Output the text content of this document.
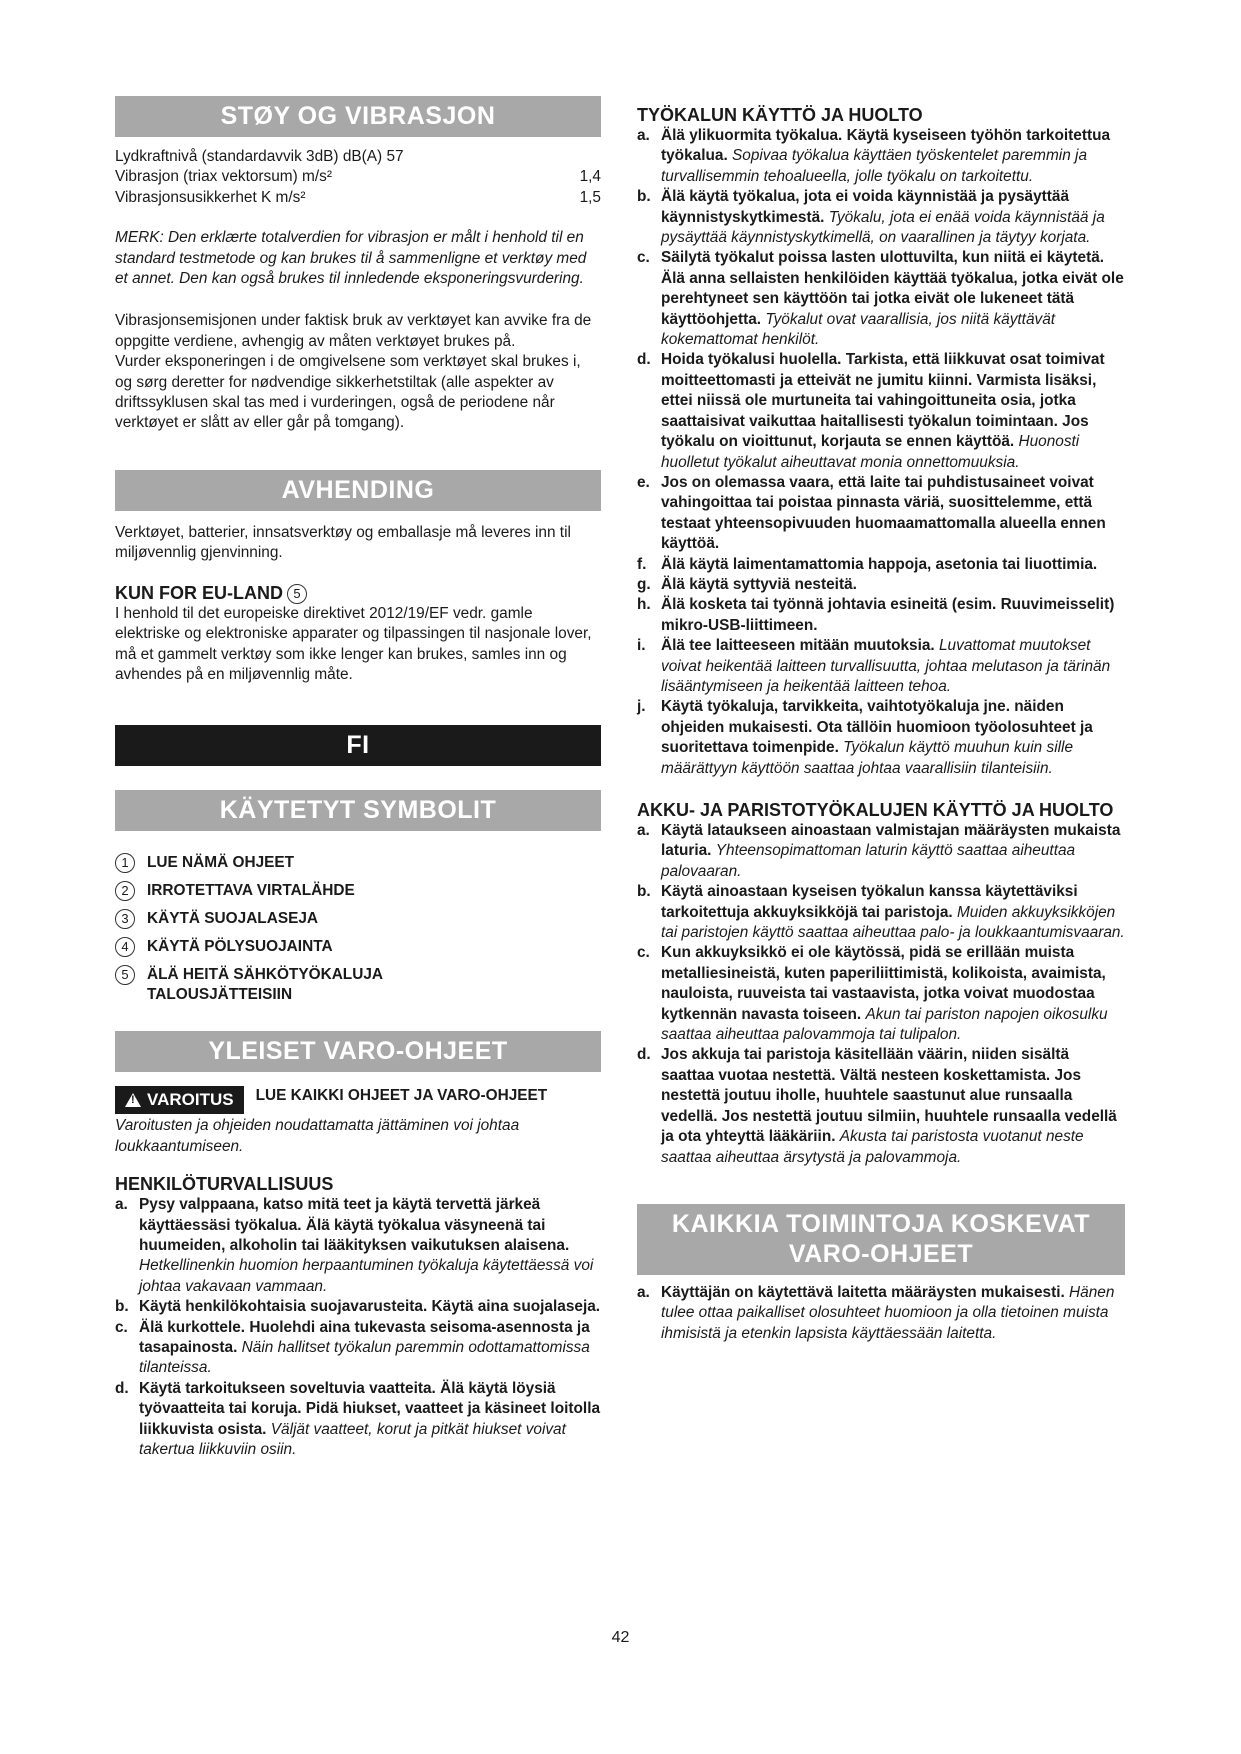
STØY OG VIBRASJON
Lydkraftnivå (standardavvik 3dB) dB(A) 57
Vibrasjon (triax vektorsum) m/s²	1,4
Vibrasjonsusikkerhet K m/s²	1,5

MERK: Den erklærte totalverdien for vibrasjon er målt i henhold til en standard testmetode og kan brukes til å sammenligne et verktøy med et annet. Den kan også brukes til innledende eksponeringsvurdering.

Vibrasjonsemisjonen under faktisk bruk av verktøyet kan avvike fra de oppgitte verdiene, avhengig av måten verktøyet brukes på.

Vurder eksponeringen i de omgivelsene som verktøyet skal brukes i, og sørg deretter for nødvendige sikkerhetstiltak (alle aspekter av driftssyklusen skal tas med i vurderingen, også de periodene når verktøyet er slått av eller går på tomgang).

AVHENDING

Verktøyet, batterier, innsatsverktøy og emballasje må leveres inn til miljøvennlig gjenvinning.

KUN FOR EU-LAND 5

I henhold til det europeiske direktivet 2012/19/EF vedr. gamle elektriske og elektroniske apparater og tilpassingen til nasjonale lover, må et gammelt verktøy som ikke lenger kan brukes, samles inn og avhendes på en miljøvennlig måte.

FI
KÄYTETYT SYMBOLIT
1	LUE NÄMÄ OHJEET
2	IRROTETTAVA VIRTALÄHDE
3	KÄYTÄ SUOJALASEJA
4	KÄYTÄ PÖLYSUOJAINTA
5	ÄLÄ HEITÄ SÄHKÖTYÖKALUJA TALOUSJÄTTEISIIN
YLEISET VARO-OHJEET
!
VAROITUS LUE KAIKKI OHJEET JA VARO-OHJEET

Varoitusten ja ohjeiden noudattamatta jättäminen voi johtaa loukkaantumiseen.

HENKILÖTURVALLISUUS
a. Pysy valppaana, katso mitä teet ja käytä tervettä järkeä käyttäessäsi työkalua. Älä käytä työkalua väsyneenä tai huumeiden, alkoholin tai lääkityksen vaikutuksen alaisena. Hetkellinenkin huomion herpaantuminen työkaluja käytettäessä voi johtaa vakavaan vammaan.
b. Käytä henkilökohtaisia suojavarusteita. Käytä aina suojalaseja.
c. Älä kurkottele. Huolehdi aina tukevasta seisoma-asennosta ja tasapainosta. Näin hallitset työkalun paremmin odottamattomissa tilanteissa.
d. Käytä tarkoitukseen soveltuvia vaatteita. Älä käytä löysiä työvaatteita tai koruja. Pidä hiukset, vaatteet ja käsineet loitolla liikkuvista osista. Väljät vaatteet, korut ja pitkät hiukset voivat takertua liikkuviin osiin.
TYÖKALUN KÄYTTÖ JA HUOLTO
a. Älä ylikuormita työkalua. Käytä kyseiseen työhön tarkoitettua työkalua. Sopivaa työkalua käyttäen työskentelet paremmin ja turvallisemmin tehoalueella, jolle työkalu on tarkoitettu.
b. Älä käytä työkalua, jota ei voida käynnistää ja pysäyttää käynnistyskytkimestä. Työkalu, jota ei enää voida käynnistää ja pysäyttää käynnistyskytkimellä, on vaarallinen ja täytyy korjata.
c. Säilytä työkalut poissa lasten ulottuvilta, kun niitä ei käytetä. Älä anna sellaisten henkilöiden käyttää työkalua, jotka eivät ole perehtyneet sen käyttöön tai jotka eivät ole lukeneet tätä käyttöohjetta. Työkalut ovat vaarallisia, jos niitä käyttävät kokemattomat henkilöt.
d. Hoida työkalusi huolella. Tarkista, että liikkuvat osat toimivat moitteettomasti ja etteivät ne jumitu kiinni. Varmista lisäksi, ettei niissä ole murtuneita tai vahingoittuneita osia, jotka saattaisivat vaikuttaa haitallisesti työkalun toimintaan. Jos työkalu on vioittunut, korjauta se ennen käyttöä. Huonosti huolletut työkalut aiheuttavat monia onnettomuuksia.
e. Jos on olemassa vaara, että laite tai puhdistusaineet voivat vahingoittaa tai poistaa pinnasta väriä, suosittelemme, että testaat yhteensopivuuden huomaamattomalla alueella ennen käyttöä.
f. Älä käytä laimentamattomia happoja, asetonia tai liuottimia.
g. Älä käytä syttyviä nesteitä.
h. Älä kosketa tai työnnä johtavia esineitä (esim. Ruuvimeisselit) mikro-USB-liittimeen.
i.	Älä tee laitteeseen mitään muutoksia. Luvattomat muutokset voivat heikentää laitteen turvallisuutta, johtaa melutason ja tärinän lisääntymiseen ja heikentää laitteen tehoa.
j.	Käytä työkaluja, tarvikkeita, vaihtotyökaluja jne. näiden ohjeiden mukaisesti. Ota tällöin huomioon työolosuhteet ja suoritettava toimenpide. Työkalun käyttö muuhun kuin sille määrättyyn käyttöön saattaa johtaa vaarallisiin tilanteisiin.
AKKU- JA PARISTOTYÖKALUJEN KÄYTTÖ JA HUOLTO
a. Käytä lataukseen ainoastaan valmistajan määräysten mukaista laturia. Yhteensopimattoman laturin käyttö saattaa aiheuttaa palovaaran.
b. Käytä ainoastaan kyseisen työkalun kanssa käytettäviksi tarkoitettuja akkuyksikköjä tai paristoja. Muiden akkuyksikköjen tai paristojen käyttö saattaa aiheuttaa palo- ja loukkaantumisvaaran.
c. Kun akkuyksikkö ei ole käytössä, pidä se erillään muista metalliesineistä, kuten paperiliittimistä, kolikoista, avaimista, nauloista, ruuveista tai vastaavista, jotka voivat muodostaa kytkennän navasta toiseen. Akun tai pariston napojen oikosulku saattaa aiheuttaa palovammoja tai tulipalon.
d. Jos akkuja tai paristoja käsitellään väärin, niiden sisältä saattaa vuotaa nestettä. Vältä nesteen koskettamista. Jos nestettä joutuu iholle, huuhtele saastunut alue runsaalla vedellä. Jos nestettä joutuu silmiin, huuhtele runsaalla vedellä ja ota yhteyttä lääkäriin. Akusta tai paristosta vuotanut neste saattaa aiheuttaa ärsytystä ja palovammoja.
KAIKKIA TOIMINTOJA KOSKEVAT VARO-OHJEET
a. Käyttäjän on käytettävä laitetta määräysten mukaisesti. Hänen tulee ottaa paikalliset olosuhteet huomioon ja olla tietoinen muista ihmisistä ja etenkin lapsista käyttäessään laitetta.
42
